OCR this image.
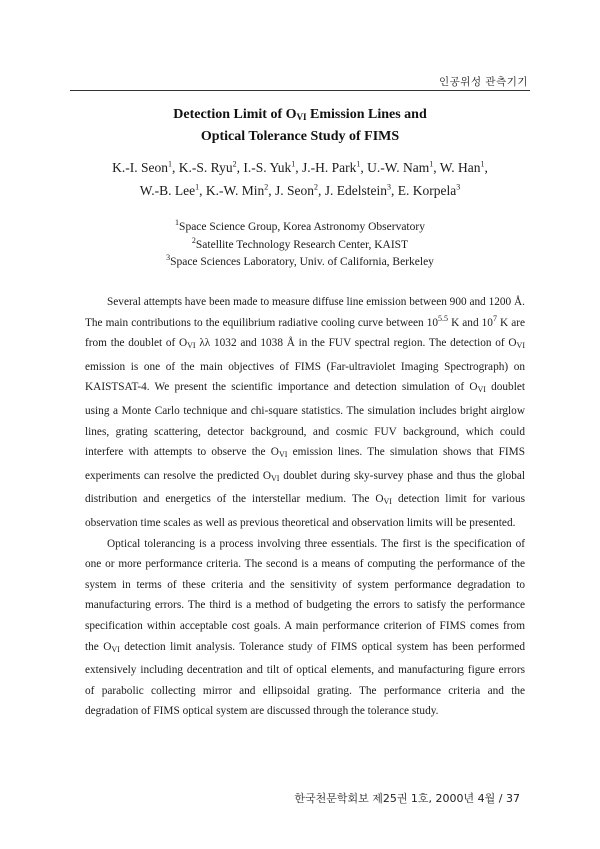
인공위성 관측기기
Detection Limit of $O_{VI}$ Emission Lines and
Optical Tolerance Study of FIMS
K.-I. Seon$^1$, K.-S. Ryu$^2$, I.-S. Yuk$^1$, J.-H. Park$^1$, U.-W. Nam$^1$, W. Han$^1$,
W.-B. Lee$^1$, K.-W. Min$^2$, J. Seon$^2$, J. Edelstein$^3$, E. Korpela$^3$
$^1$Space Science Group, Korea Astronomy Observatory
$^2$Satellite Technology Research Center, KAIST
$^3$Space Sciences Laboratory, Univ. of California, Berkeley

Several attempts have been made to measure diffuse line emission between 900 and 1200 Å. The main contributions to the equilibrium radiative cooling curve between $10^{5.5}$ K and $10^7$ K are from the doublet of $O_{VI}$ λλ 1032 and 1038 Å in the FUV spectral region. The detection of $O_{VI}$ emission is one of the main objectives of FIMS (Far-ultraviolet Imaging Spectrograph) on KAISTSAT-4. We present the scientific importance and detection simulation of $O_{VI}$ doublet using a Monte Carlo technique and chi-square statistics. The simulation includes bright airglow lines, grating scattering, detector background, and cosmic FUV background, which could interfere with attempts to observe the $O_{VI}$ emission lines. The simulation shows that FIMS experiments can resolve the predicted $O_{VI}$ doublet during sky-survey phase and thus the global distribution and energetics of the interstellar medium. The $O_{VI}$ detection limit for various observation time scales as well as previous theoretical and observation limits will be presented.

Optical tolerancing is a process involving three essentials. The first is the specification of one or more performance criteria. The second is a means of computing the performance of the system in terms of these criteria and the sensitivity of system performance degradation to manufacturing errors. The third is a method of budgeting the errors to satisfy the performance specification within acceptable cost goals. A main performance criterion of FIMS comes from the $O_{VI}$ detection limit analysis. Tolerance study of FIMS optical system has been performed extensively including decentration and tilt of optical elements, and manufacturing figure errors of parabolic collecting mirror and ellipsoidal grating. The performance criteria and the degradation of FIMS optical system are discussed through the tolerance study.

한국천문학회보 제25권 1호, 2000년 4월 / 37
